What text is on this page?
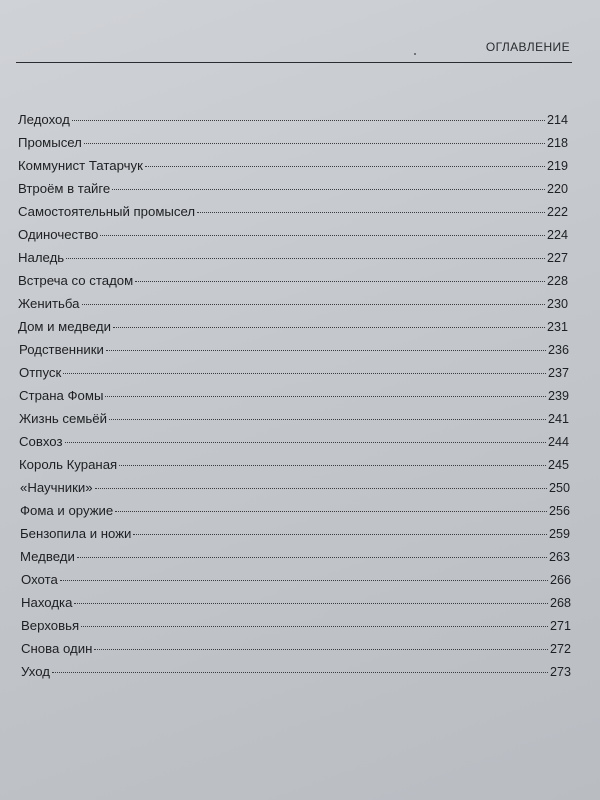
ОГЛАВЛЕНИЕ
Ледоход	214
Промысел	218
Коммунист Татарчук	219
Втроём в тайге	220
Самостоятельный промысел	222
Одиночество	224
Наледь	227
Встреча со стадом	228
Женитьба	230
Дом и медведи	231
Родственники	236
Отпуск	237
Страна Фомы	239
Жизнь семьёй	241
Совхоз	244
Король Кураная	245
«Научники»	250
Фома и оружие	256
Бензопила и ножи	259
Медведи	263
Охота	266
Находка	268
Верховья	271
Снова один	272
Уход	273
